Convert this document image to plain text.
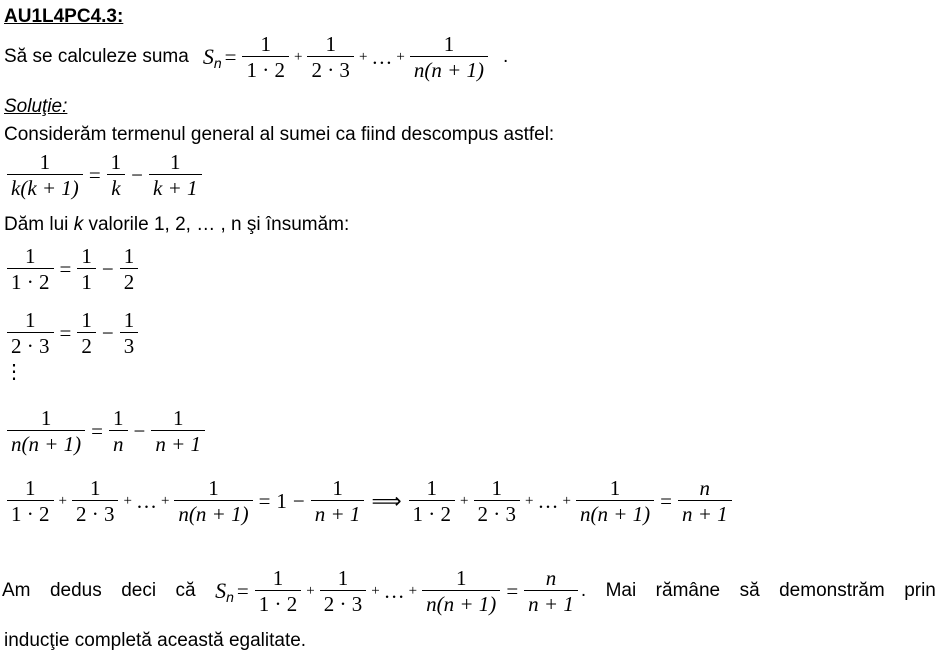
AU1L4PC4.3:
Să se calculeze suma S $n = \frac{1}{1 \cdot 2} + \frac{1}{2 \cdot 3}$ + … + $\frac{1}{n(n + 1)}$ .
Soluţie:
Considerăm termenul general al sumei ca fiind descompus astfel:
$\frac{1}{k(k + 1)} = \frac{1}{k} - \frac{1}{k + 1}$
Dăm lui k valorile 1, 2, … , n şi însumăm:
$\frac{1}{1 \cdot 2} = \frac{1}{1} - \frac{1}{2}$
$\frac{1}{2 \cdot 3} = \frac{1}{2} - \frac{1}{3}$
⋮
$\frac{1}{n(n + 1)} = \frac{1}{n} - \frac{1}{n + 1}$
$\frac{1}{1 \cdot 2} + \frac{1}{2 \cdot 3}$ + … + $\frac{1}{n(n + 1)} = 1 - \frac{1}{n + 1}$ ⟹ $\frac{1}{1 \cdot 2} + \frac{1}{2 \cdot 3}$ + … + $\frac{1}{n(n + 1)} = \frac{n}{n + 1}$
Am dedus deci că S $n = \frac{1}{1 \cdot 2} + \frac{1}{2 \cdot 3}$ + … + $\frac{1}{n(n + 1)} = \frac{n}{n + 1}$ . Mai rămâne să demonstrăm prin
inducţie completă această egalitate.
